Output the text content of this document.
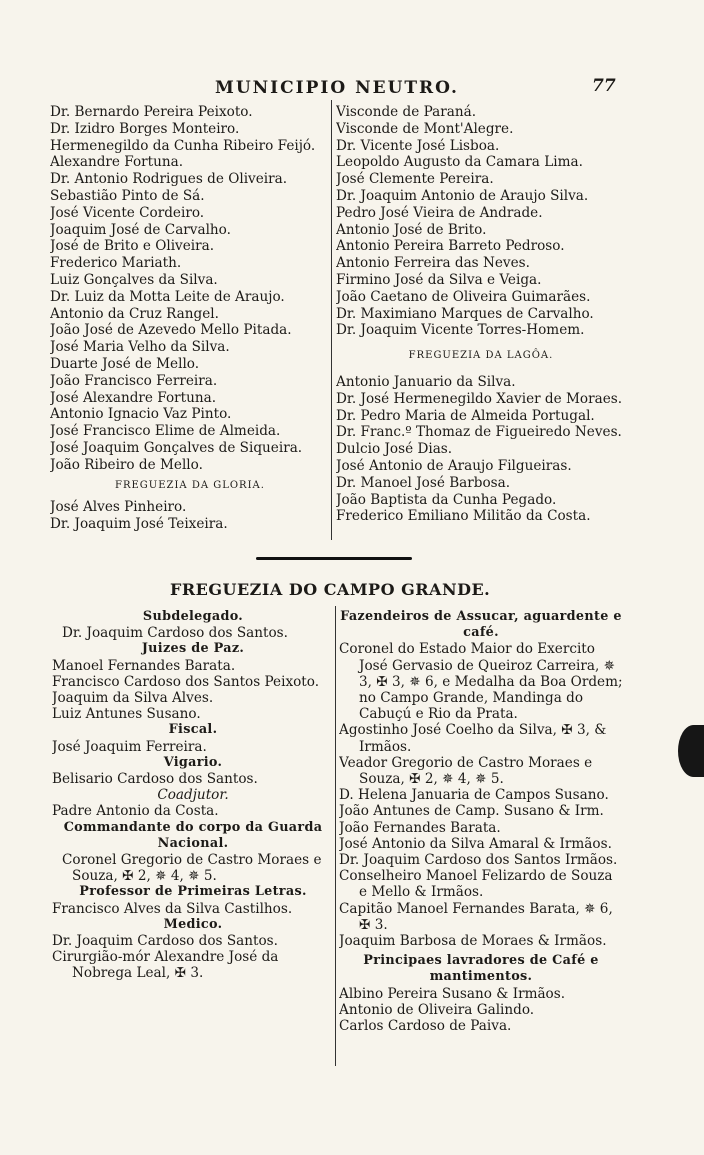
MUNICIPIO NEUTRO.	77
Dr. Bernardo Pereira Peixoto.
Dr. Izidro Borges Monteiro.
Hermenegildo da Cunha Ribeiro Feijó.
Alexandre Fortuna.
Dr. Antonio Rodrigues de Oliveira.
Sebastião Pinto de Sá.
José Vicente Cordeiro.
Joaquim José de Carvalho.
José de Brito e Oliveira.
Frederico Mariath.
Luiz Gonçalves da Silva.
Dr. Luiz da Motta Leite de Araujo.
Antonio da Cruz Rangel.
João José de Azevedo Mello Pitada.
José Maria Velho da Silva.
Duarte José de Mello.
João Francisco Ferreira.
José Alexandre Fortuna.
Antonio Ignacio Vaz Pinto.
José Francisco Elime de Almeida.
José Joaquim Gonçalves de Siqueira.
João Ribeiro de Mello.
FREGUEZIA DA GLORIA.
José Alves Pinheiro.
Dr. Joaquim José Teixeira.
Visconde de Paraná.
Visconde de Mont'Alegre.
Dr. Vicente José Lisboa.
Leopoldo Augusto da Camara Lima.
José Clemente Pereira.
Dr. Joaquim Antonio de Araujo Silva.
Pedro José Vieira de Andrade.
Antonio José de Brito.
Antonio Pereira Barreto Pedroso.
Antonio Ferreira das Neves.
Firmino José da Silva e Veiga.
João Caetano de Oliveira Guimarães.
Dr. Maximiano Marques de Carvalho.
Dr. Joaquim Vicente Torres-Homem.
FREGUEZIA DA LAGÔA.
Antonio Januario da Silva.
Dr. José Hermenegildo Xavier de Moraes.
Dr. Pedro Maria de Almeida Portugal.
Dr. Franc.º Thomaz de Figueiredo Neves.
Dulcio José Dias.
José Antonio de Araujo Filgueiras.
Dr. Manoel José Barbosa.
João Baptista da Cunha Pegado.
Frederico Emiliano Militão da Costa.
FREGUEZIA DO CAMPO GRANDE.
Subdelegado.
Dr. Joaquim Cardoso dos Santos.
Juizes de Paz.
Manoel Fernandes Barata.
Francisco Cardoso dos Santos Peixoto.
Joaquim da Silva Alves.
Luiz Antunes Susano.
Fiscal.
José Joaquim Ferreira.
Vigario.
Belisario Cardoso dos Santos.
Coadjutor.
Padre Antonio da Costa.
Commandante do corpo da Guarda Nacional.
Coronel Gregorio de Castro Moraes e Souza, ✠ 2, ✵ 4, ✵ 5.
Professor de Primeiras Letras.
Francisco Alves da Silva Castilhos.
Medico.
Dr. Joaquim Cardoso dos Santos.
Cirurgião-mór Alexandre José da Nobrega Leal, ✠ 3.
Fazendeiros de Assucar, aguardente e café.
Coronel do Estado Maior do Exercito José Gervasio de Queiroz Carreira, ✵ 3, ✠ 3, ✵ 6, e Medalha da Boa Ordem; no Campo Grande, Mandinga do Cabuçú e Rio da Prata.
Agostinho José Coelho da Silva, ✠ 3, & Irmãos.
Veador Gregorio de Castro Moraes e Souza, ✠ 2, ✵ 4, ✵ 5.
D. Helena Januaria de Campos Susano.
João Antunes de Camp. Susano & Irm.
João Fernandes Barata.
José Antonio da Silva Amaral & Irmãos.
Dr. Joaquim Cardoso dos Santos Irmãos.
Conselheiro Manoel Felizardo de Souza e Mello & Irmãos.
Capitão Manoel Fernandes Barata, ✵ 6, ✠ 3.
Joaquim Barbosa de Moraes & Irmãos.
Principaes lavradores de Café e mantimentos.
Albino Pereira Susano & Irmãos.
Antonio de Oliveira Galindo.
Carlos Cardoso de Paiva.
